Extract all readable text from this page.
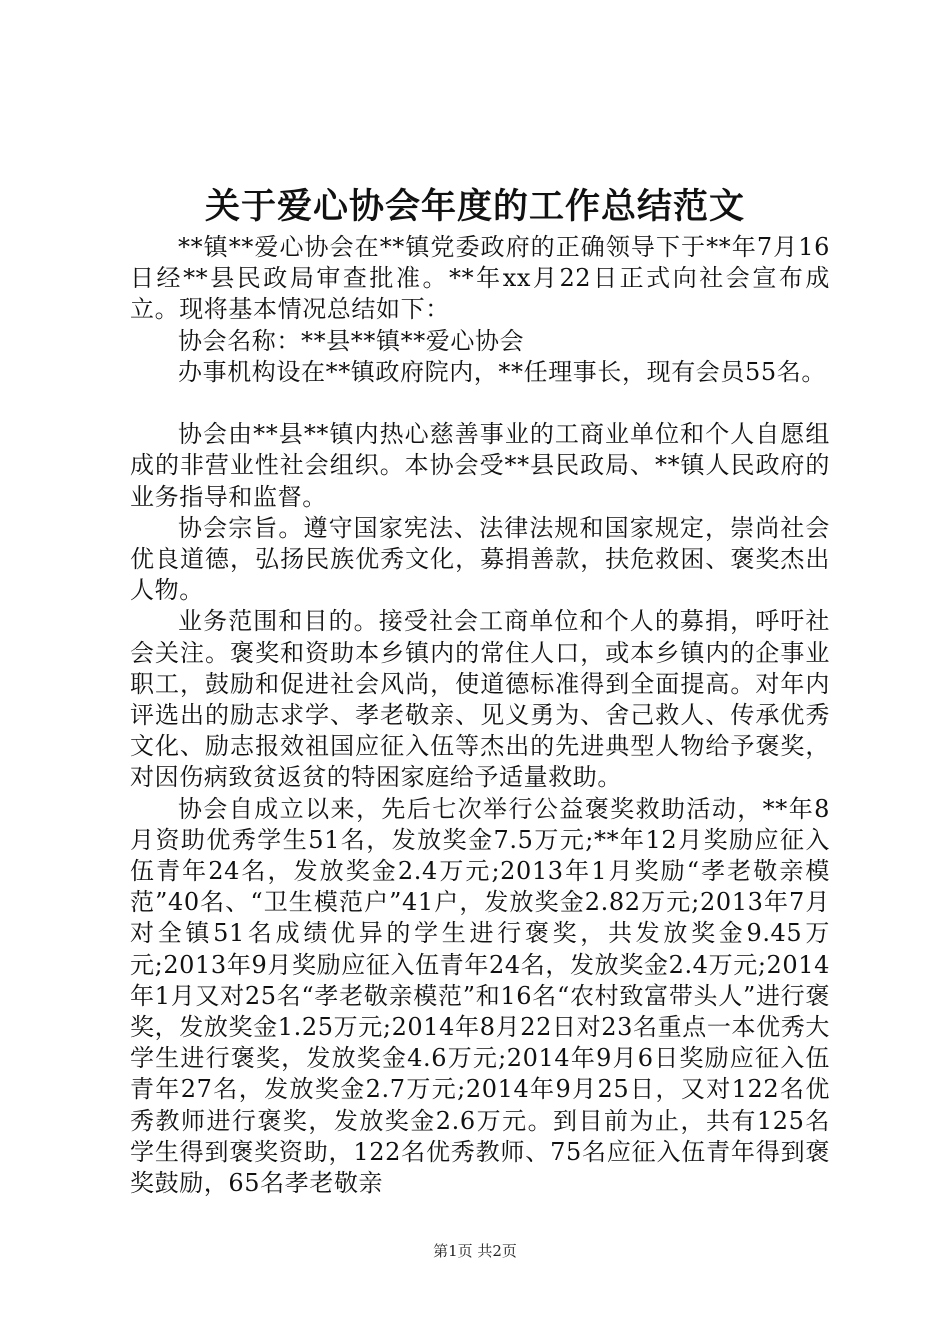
关于爱心协会年度的工作总结范文

**镇**爱心协会在**镇党委政府的正确领导下于**年7月16日经**县民政局审查批准。**年xx月22日正式向社会宣布成立。现将基本情况总结如下：

协会名称：**县**镇**爱心协会

办事机构设在**镇政府院内，**任理事长，现有会员55名。

协会由**县**镇内热心慈善事业的工商业单位和个人自愿组成的非营业性社会组织。本协会受**县民政局、**镇人民政府的业务指导和监督。

协会宗旨。遵守国家宪法、法律法规和国家规定，崇尚社会优良道德，弘扬民族优秀文化，募捐善款，扶危救困、褒奖杰出人物。

业务范围和目的。接受社会工商单位和个人的募捐，呼吁社会关注。褒奖和资助本乡镇内的常住人口，或本乡镇内的企事业职工，鼓励和促进社会风尚，使道德标准得到全面提高。对年内评选出的励志求学、孝老敬亲、见义勇为、舍己救人、传承优秀文化、励志报效祖国应征入伍等杰出的先进典型人物给予褒奖，对因伤病致贫返贫的特困家庭给予适量救助。

协会自成立以来，先后七次举行公益褒奖救助活动，**年8月资助优秀学生51名，发放奖金7.5万元;**年12月奖励应征入伍青年24名，发放奖金2.4万元;2013年1月奖励“孝老敬亲模范”40名、“卫生模范户”41户，发放奖金2.82万元;2013年7月对全镇51名成绩优异的学生进行褒奖，共发放奖金9.45万元;2013年9月奖励应征入伍青年24名，发放奖金2.4万元;2014年1月又对25名“孝老敬亲模范”和16名“农村致富带头人”进行褒奖，发放奖金1.25万元;2014年8月22日对23名重点一本优秀大学生进行褒奖，发放奖金4.6万元;2014年9月6日奖励应征入伍青年27名，发放奖金2.7万元;2014年9月25日，又对122名优秀教师进行褒奖，发放奖金2.6万元。到目前为止，共有125名学生得到褒奖资助，122名优秀教师、75名应征入伍青年得到褒奖鼓励，65名孝老敬亲

第1页 共2页
